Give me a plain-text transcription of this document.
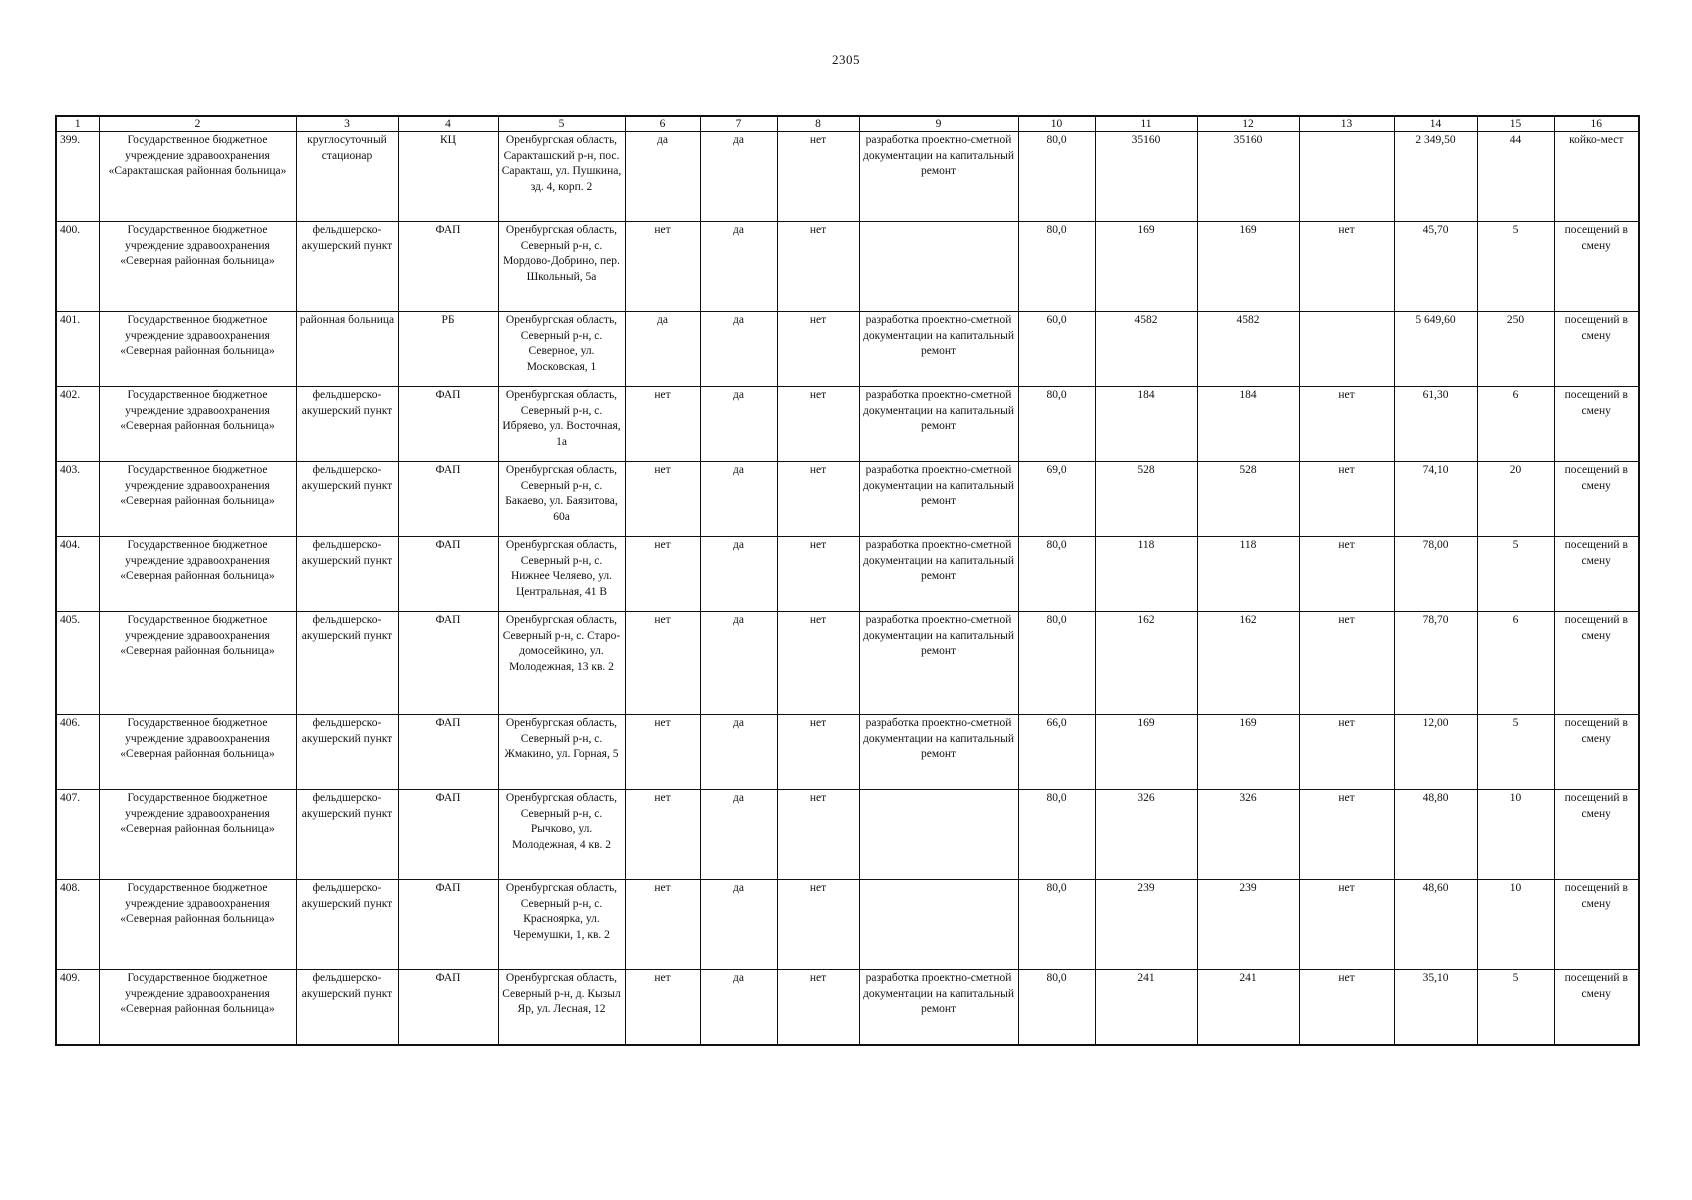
2305
1	2	3	4	5	6	7	8	9	10	11	12	13	14	15	16
399.	Государственное бюджетное учреждение здравоохранения «Саракташская районная больница»	круглосуточный стационар	КЦ	Оренбургская область, Саракташский р-н, пос. Саракташ, ул. Пушкина, зд. 4, корп. 2	да	да	нет	разработка проектно-сметной документации на капитальный ремонт	80,0	35160	35160		2 349,50	44	койко-мест
400.	Государственное бюджетное учреждение здравоохранения «Северная районная больница»	фельдшерско-акушерский пункт	ФАП	Оренбургская область, Северный р-н, с. Мордово-Добрино, пер. Школьный, 5а	нет	да	нет		80,0	169	169	нет	45,70	5	посещений в смену
401.	Государственное бюджетное учреждение здравоохранения «Северная районная больница»	районная больница	РБ	Оренбургская область, Северный р-н, с. Северное, ул. Московская, 1	да	да	нет	разработка проектно-сметной документации на капитальный ремонт	60,0	4582	4582		5 649,60	250	посещений в смену
402.	Государственное бюджетное учреждение здравоохранения «Северная районная больница»	фельдшерско-акушерский пункт	ФАП	Оренбургская область, Северный р-н, с. Ибряево, ул. Восточная, 1а	нет	да	нет	разработка проектно-сметной документации на капитальный ремонт	80,0	184	184	нет	61,30	6	посещений в смену
403.	Государственное бюджетное учреждение здравоохранения «Северная районная больница»	фельдшерско-акушерский пункт	ФАП	Оренбургская область, Северный р-н, с. Бакаево, ул. Баязитова, 60а	нет	да	нет	разработка проектно-сметной документации на капитальный ремонт	69,0	528	528	нет	74,10	20	посещений в смену
404.	Государственное бюджетное учреждение здравоохранения «Северная районная больница»	фельдшерско-акушерский пункт	ФАП	Оренбургская область, Северный р-н, с. Нижнее Челяево, ул. Центральная, 41 В	нет	да	нет	разработка проектно-сметной документации на капитальный ремонт	80,0	118	118	нет	78,00	5	посещений в смену
405.	Государственное бюджетное учреждение здравоохранения «Северная районная больница»	фельдшерско-акушерский пункт	ФАП	Оренбургская область, Северный р-н, с. Старо-домосейкино, ул. Молодежная, 13 кв. 2	нет	да	нет	разработка проектно-сметной документации на капитальный ремонт	80,0	162	162	нет	78,70	6	посещений в смену
406.	Государственное бюджетное учреждение здравоохранения «Северная районная больница»	фельдшерско-акушерский пункт	ФАП	Оренбургская область, Северный р-н, с. Жмакино, ул. Горная, 5	нет	да	нет	разработка проектно-сметной документации на капитальный ремонт	66,0	169	169	нет	12,00	5	посещений в смену
407.	Государственное бюджетное учреждение здравоохранения «Северная районная больница»	фельдшерско-акушерский пункт	ФАП	Оренбургская область, Северный р-н, с. Рычково, ул. Молодежная, 4 кв. 2	нет	да	нет		80,0	326	326	нет	48,80	10	посещений в смену
408.	Государственное бюджетное учреждение здравоохранения «Северная районная больница»	фельдшерско-акушерский пункт	ФАП	Оренбургская область, Северный р-н, с. Красноярка, ул. Черемушки, 1, кв. 2	нет	да	нет		80,0	239	239	нет	48,60	10	посещений в смену
409.	Государственное бюджетное учреждение здравоохранения «Северная районная больница»	фельдшерско-акушерский пункт	ФАП	Оренбургская область, Северный р-н, д. Кызыл Яр, ул. Лесная, 12	нет	да	нет	разработка проектно-сметной документации на капитальный ремонт	80,0	241	241	нет	35,10	5	посещений в смену
